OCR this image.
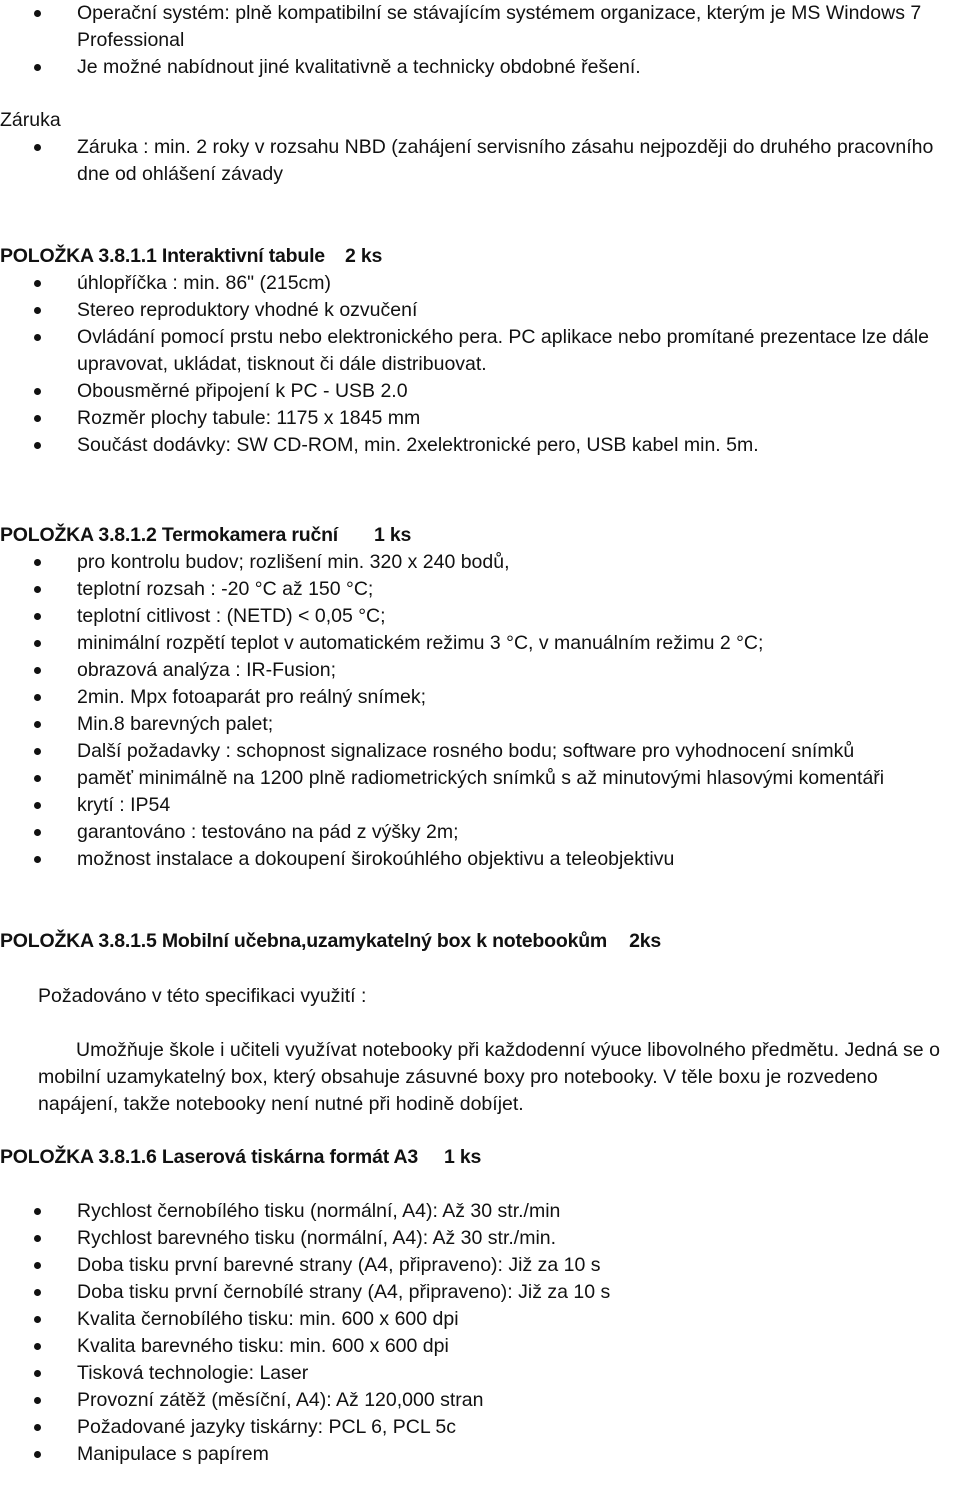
Operační systém: plně kompatibilní se stávajícím systémem organizace, kterým je MS Windows 7 Professional
Je možné nabídnout jiné kvalitativně a technicky obdobné řešení.
Záruka
Záruka : min. 2 roky v rozsahu NBD (zahájení servisního zásahu nejpozději do druhého pracovního dne od ohlášení závady
POLOŽKA 3.8.1.1 Interaktivní tabule 2 ks
úhlopříčka : min. 86" (215cm)
Stereo reproduktory vhodné k ozvučení
Ovládání pomocí prstu nebo elektronického pera. PC aplikace nebo promítané prezentace lze dále upravovat, ukládat, tisknout či dále distribuovat.
Obousměrné připojení k PC - USB 2.0
Rozměr plochy tabule: 1175 x 1845 mm
Součást dodávky: SW CD-ROM, min. 2xelektronické pero, USB kabel min. 5m.
POLOŽKA 3.8.1.2 Termokamera ruční 1 ks
pro kontrolu budov; rozlišení min. 320 x 240 bodů,
teplotní rozsah : -20 °C až 150 °C;
teplotní citlivost : (NETD) < 0,05 °C;
minimální rozpětí teplot v automatickém režimu 3 °C, v manuálním režimu 2 °C;
obrazová analýza : IR-Fusion;
2min. Mpx fotoaparát pro reálný snímek;
Min.8 barevných palet;
Další požadavky : schopnost signalizace rosného bodu; software pro vyhodnocení snímků
paměť minimálně na 1200 plně radiometrických snímků s až minutovými hlasovými komentáři
krytí : IP54
garantováno : testováno na pád z výšky 2m;
možnost instalace a dokoupení širokoúhlého objektivu a teleobjektivu
POLOŽKA 3.8.1.5 Mobilní učebna,uzamykatelný box k notebookům 2ks
Požadováno v této specifikaci využití :
Umožňuje škole i učiteli využívat notebooky při každodenní výuce libovolného předmětu. Jedná se o mobilní uzamykatelný box, který obsahuje zásuvné boxy pro notebooky. V těle boxu je rozvedeno napájení, takže notebooky není nutné při hodině dobíjet.
POLOŽKA 3.8.1.6 Laserová tiskárna formát A3 1 ks
Rychlost černobílého tisku (normální, A4): Až 30 str./min
Rychlost barevného tisku (normální, A4): Až 30 str./min.
Doba tisku první barevné strany (A4, připraveno): Již za 10 s
Doba tisku první černobílé strany (A4, připraveno): Již za 10 s
Kvalita černobílého tisku: min. 600 x 600 dpi
Kvalita barevného tisku: min. 600 x 600 dpi
Tisková technologie: Laser
Provozní zátěž (měsíční, A4): Až 120,000 stran
Požadované jazyky tiskárny: PCL 6, PCL 5c
Manipulace s papírem
